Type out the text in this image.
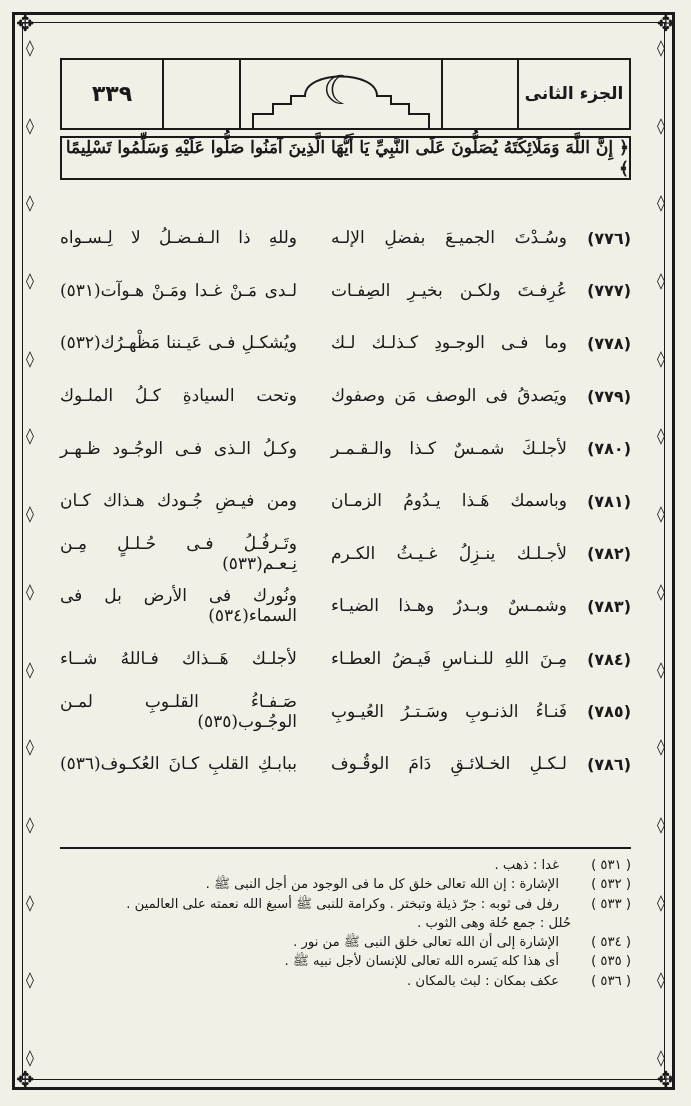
✥	✥
✥	✥
◊
◊
◊
◊
◊
◊
◊
◊
◊
◊
◊
◊
◊
◊
◊
◊
◊
◊
◊
◊
◊
◊
◊
◊
◊
◊
◊
◊
٣٣٩	☾	الجزء الثانى
﴿ إِنَّ اللَّهَ وَمَلَائِكَتَهُ يُصَلُّونَ عَلَى النَّبِيِّ يَا أَيُّهَا الَّذِينَ آمَنُوا صَلُّوا عَلَيْهِ وَسَلِّمُوا تَسْلِيمًا ﴾
(٧٧٦)
وسُـدْتَ الجميـعَ بفضلِ الإلـه
وللهِ ذا الـفـضـلُ لا لِـسـواه
(٧٧٧)
عُرِفـتَ ولكـن بخيـرِ الصِفـات
لـدى مَـنْ غـدا ومَـنْ هـوآت(٥٣١)
(٧٧٨)
وما فـى الوجـودِ كـذلـك لـك
ويُشكـلِ فـى عَيـننا مَظْهـرُك(٥٣٢)
(٧٧٩)
ويَصدقُ فى الوصف مَن وصفوك
وتحت السيادةِ كـلُ الملـوك
(٧٨٠)
لأجلـكَ شمـسٌ كـذا والـقـمـر
وكـلُ الـذى فـى الوجُـود ظـهـر
(٧٨١)
وباسمك هَـذا يـدُومُ الزمـان
ومن فيـضِ جُـودك هـذاك كـان
(٧٨٢)
لأجـلـك ينـزِلُ غـيـثُ الكـرم
وتَـرفُـلُ فـى حُـلـلٍ مِـن نِـعـم(٥٣٣)
(٧٨٣)
وشمـسٌ وبـدرٌ وهـذا الضيـاء
ونُورك فى الأرض بل فى السماء(٥٣٤)
(٧٨٤)
مِـنَ اللهِ للـنـاسِ فَيـضُ العطـاء
لأجلـك هَــذاك فـاللهُ شــاء
(٧٨٥)
فَنـاءُ الذنـوبِ وسَـتـرُ العُيـوبِ
صَـفـاءُ القلـوبِ لمـن الوجُـوب(٥٣٥)
(٧٨٦)
لـكـلِ الخـلائـقِ دَامَ الوقُـوف
ببابـكِ القلبِ كـانَ العُكـوف(٥٣٦)
( ٥٣١ )غدا : ذهب .
( ٥٣٢ )الإشارة : إن الله تعالى خلق كل ما فى الوجود من أجل النبى ﷺ .
( ٥٣٣ )رفل فى ثوبه : جرّ ذيلة وتبختر . وكرامة للنبى ﷺ أسبغ الله نعمته على العالمين .
حُلل : جمع حُلة وهى الثوب .
( ٥٣٤ )الإشارة إلى أن الله تعالى خلق النبى ﷺ من نور .
( ٥٣٥ )أى هذا كله يَسره الله تعالى للإنسان لأجل نبيه ﷺ .
( ٥٣٦ )عكف بمكان : لبث بالمكان .
